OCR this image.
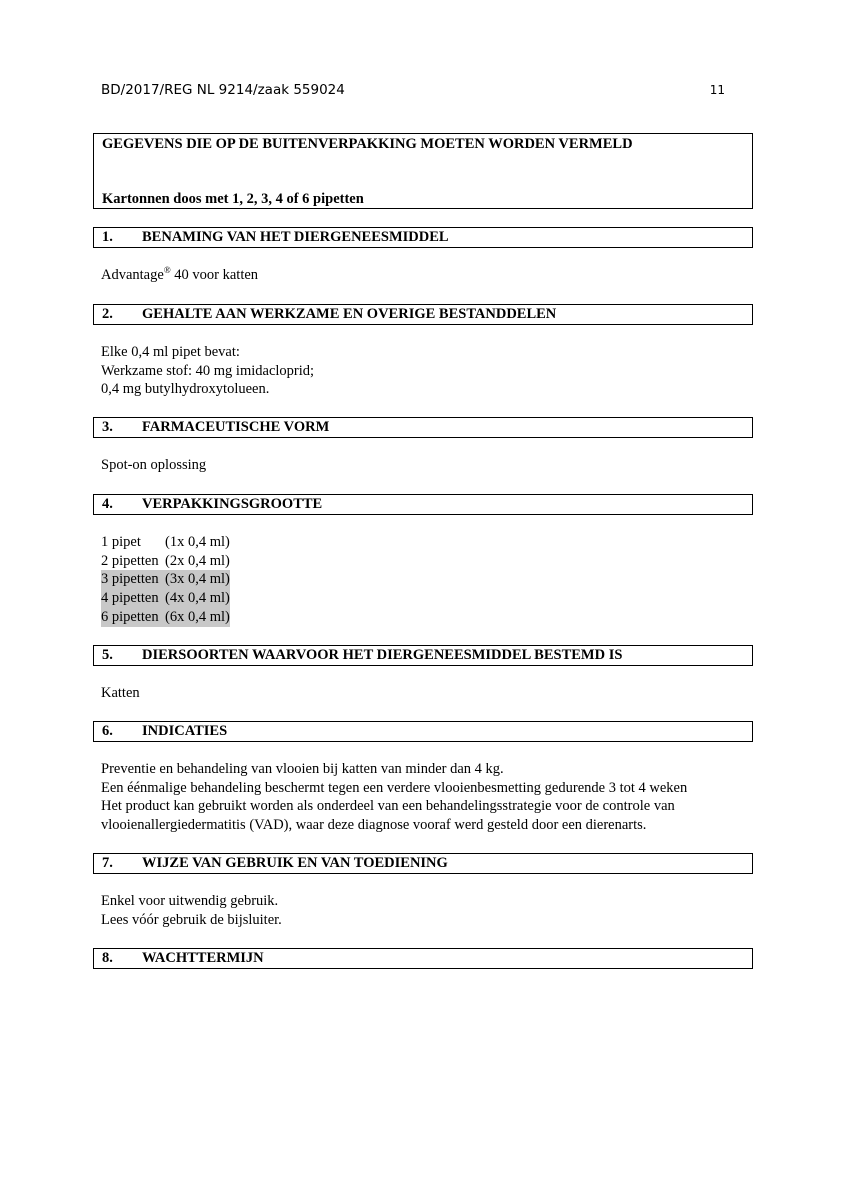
BD/2017/REG NL 9214/zaak 559024	11
GEGEVENS DIE OP DE BUITENVERPAKKING MOETEN WORDEN VERMELD
Kartonnen doos met 1, 2, 3, 4 of 6 pipetten
1. BENAMING VAN HET DIERGENEESMIDDEL

Advantage® 40 voor katten

2. GEHALTE AAN WERKZAME EN OVERIGE BESTANDDELEN

Elke 0,4 ml pipet bevat:

Werkzame stof: 40 mg imidacloprid;

0,4 mg butylhydroxytolueen.

3. FARMACEUTISCHE VORM

Spot-on oplossing

4. VERPAKKINGSGROOTTE
1 pipet	(1x 0,4 ml)
2 pipetten	(2x 0,4 ml)
3 pipetten	(3x 0,4 ml)
4 pipetten	(4x 0,4 ml)
6 pipetten	(6x 0,4 ml)
5. DIERSOORTEN WAARVOOR HET DIERGENEESMIDDEL BESTEMD IS

Katten

6. INDICATIES

Preventie en behandeling van vlooien bij katten van minder dan 4 kg.

Een éénmalige behandeling beschermt tegen een verdere vlooienbesmetting gedurende 3 tot 4 weken

Het product kan gebruikt worden als onderdeel van een behandelingsstrategie voor de controle van

vlooienallergiedermatitis (VAD), waar deze diagnose vooraf werd gesteld door een dierenarts.

7. WIJZE VAN GEBRUIK EN VAN TOEDIENING

Enkel voor uitwendig gebruik.

Lees vóór gebruik de bijsluiter.

8. WACHTTERMIJN
